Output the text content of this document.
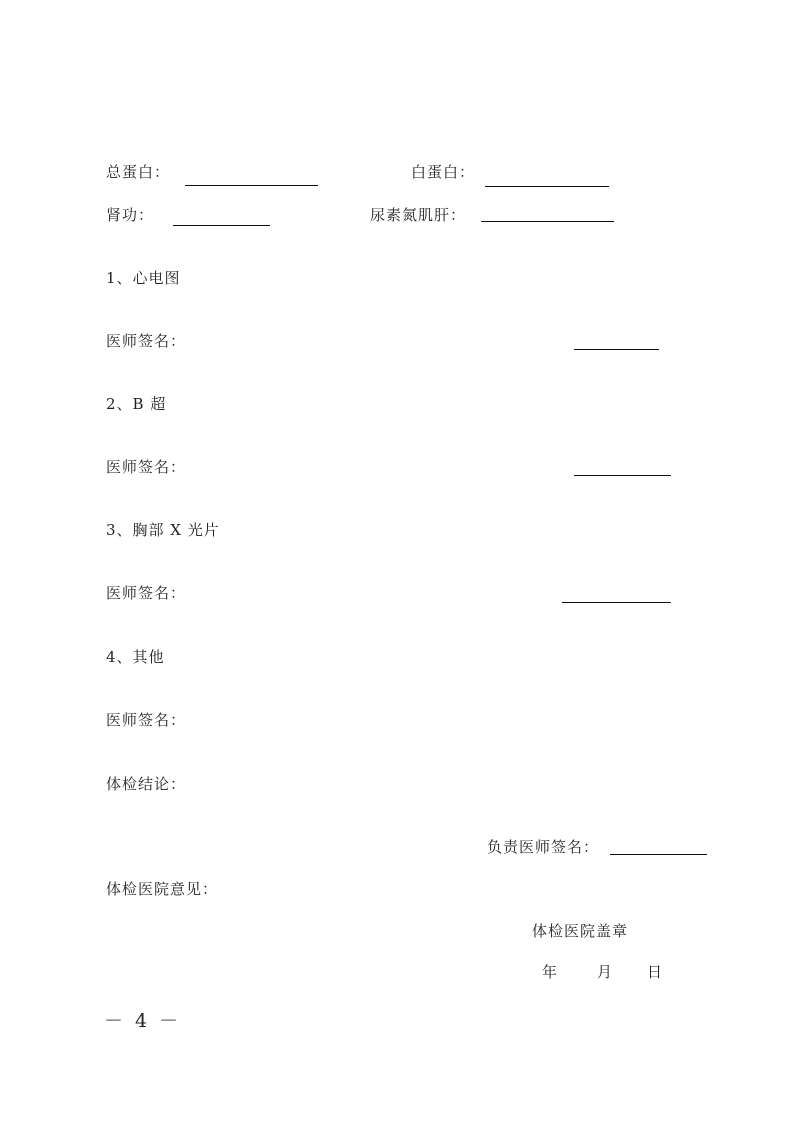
总蛋白：	白蛋白：
肾功：	尿素氮肌肝：
1、心电图
医师签名：
2、B 超
医师签名：
3、胸部 X 光片
医师签名：
4、其他
医师签名：
体检结论：
负责医师签名：
体检医院意见：
体检医院盖章
年	月 日
－ 4 －
